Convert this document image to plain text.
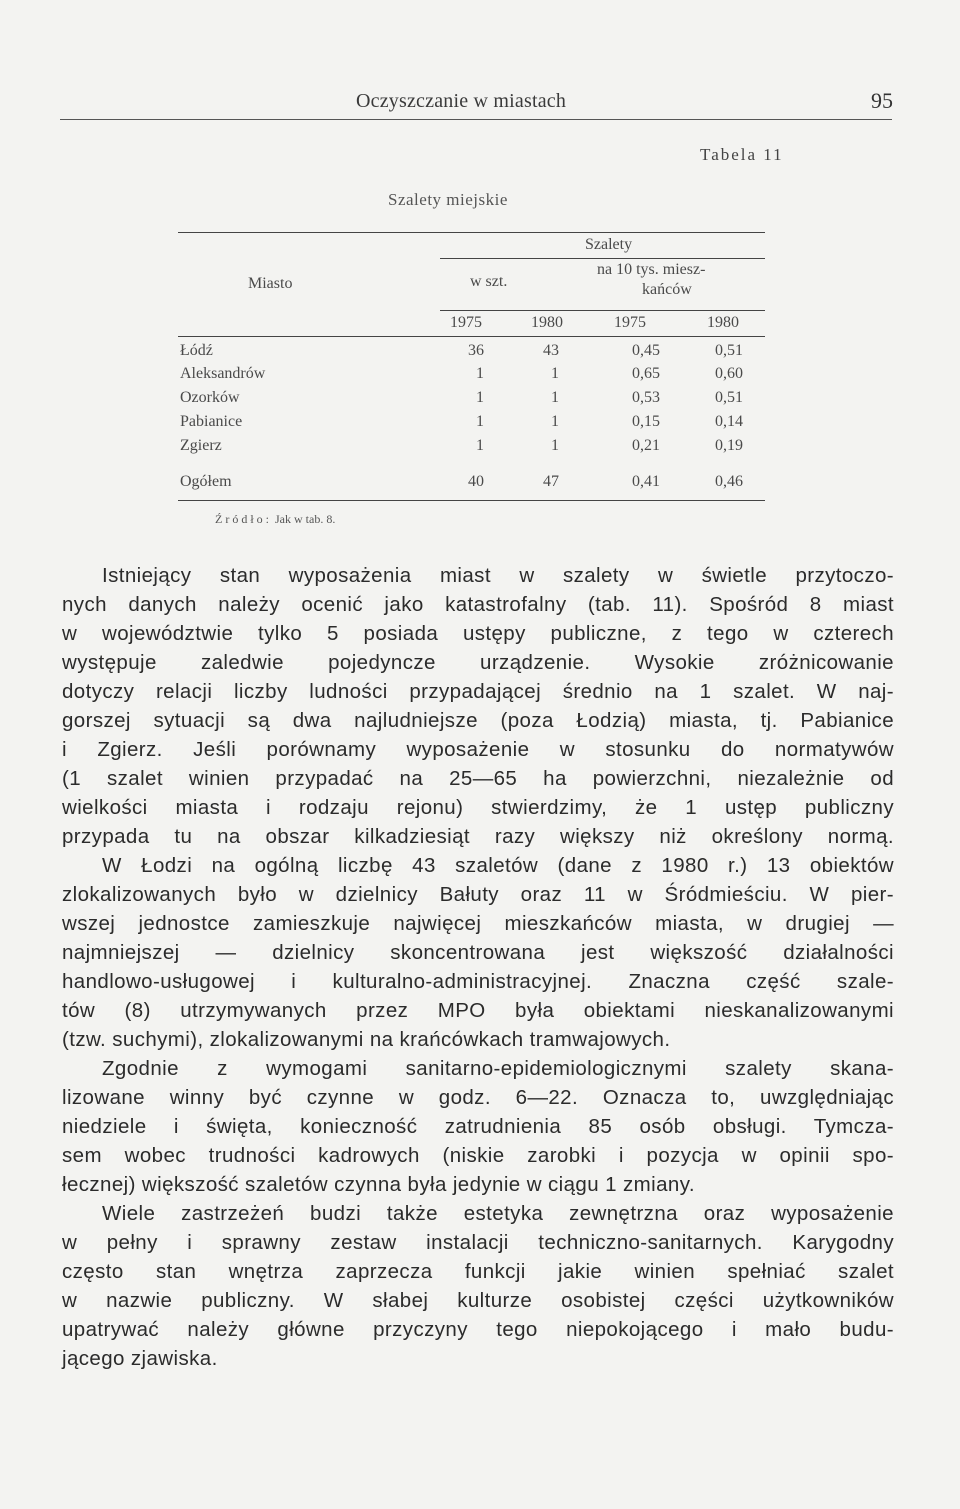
Oczyszczanie w miastach	95
Tabela 11
Szalety miejskie
Miasto
Szalety
w szt.
na 10 tys. miesz-
kańców
1975	1980	1975	1980
Łódź	36	43	0,45	0,51
Aleksandrów	1	1	0,65	0,60
Ozorków	1	1	0,53	0,51
Pabianice	1	1	0,15	0,14
Zgierz	1	1	0,21	0,19
Ogółem	40	47	0,41	0,46
Źródło: Jak w tab. 8.
Istniejący stan wyposażenia miast w szalety w świetle przytoczo-
nych danych należy ocenić jako katastrofalny (tab. 11). Spośród 8 miast
w województwie tylko 5 posiada ustępy publiczne, z tego w czterech
występuje zaledwie pojedyncze urządzenie. Wysokie zróżnicowanie
dotyczy relacji liczby ludności przypadającej średnio na 1 szalet. W naj-
gorszej sytuacji są dwa najludniejsze (poza Łodzią) miasta, tj. Pabianice
i Zgierz. Jeśli porównamy wyposażenie w stosunku do normatywów
(1 szalet winien przypadać na 25—65 ha powierzchni, niezależnie od
wielkości miasta i rodzaju rejonu) stwierdzimy, że 1 ustęp publiczny
przypada tu na obszar kilkadziesiąt razy większy niż określony normą.
W Łodzi na ogólną liczbę 43 szaletów (dane z 1980 r.) 13 obiektów
zlokalizowanych było w dzielnicy Bałuty oraz 11 w Śródmieściu. W pier-
wszej jednostce zamieszkuje najwięcej mieszkańców miasta, w drugiej —
najmniejszej — dzielnicy skoncentrowana jest większość działalności
handlowo-usługowej i kulturalno-administracyjnej. Znaczna część szale-
tów (8) utrzymywanych przez MPO była obiektami nieskanalizowanymi
(tzw. suchymi), zlokalizowanymi na krańcówkach tramwajowych.
Zgodnie z wymogami sanitarno-epidemiologicznymi szalety skana-
lizowane winny być czynne w godz. 6—22. Oznacza to, uwzględniając
niedziele i święta, konieczność zatrudnienia 85 osób obsługi. Tymcza-
sem wobec trudności kadrowych (niskie zarobki i pozycja w opinii spo-
łecznej) większość szaletów czynna była jedynie w ciągu 1 zmiany.
Wiele zastrzeżeń budzi także estetyka zewnętrzna oraz wyposażenie
w pełny i sprawny zestaw instalacji techniczno-sanitarnych. Karygodny
często stan wnętrza zaprzecza funkcji jakie winien spełniać szalet
w nazwie publiczny. W słabej kulturze osobistej części użytkowników
upatrywać należy główne przyczyny tego niepokojącego i mało budu-
jącego zjawiska.
